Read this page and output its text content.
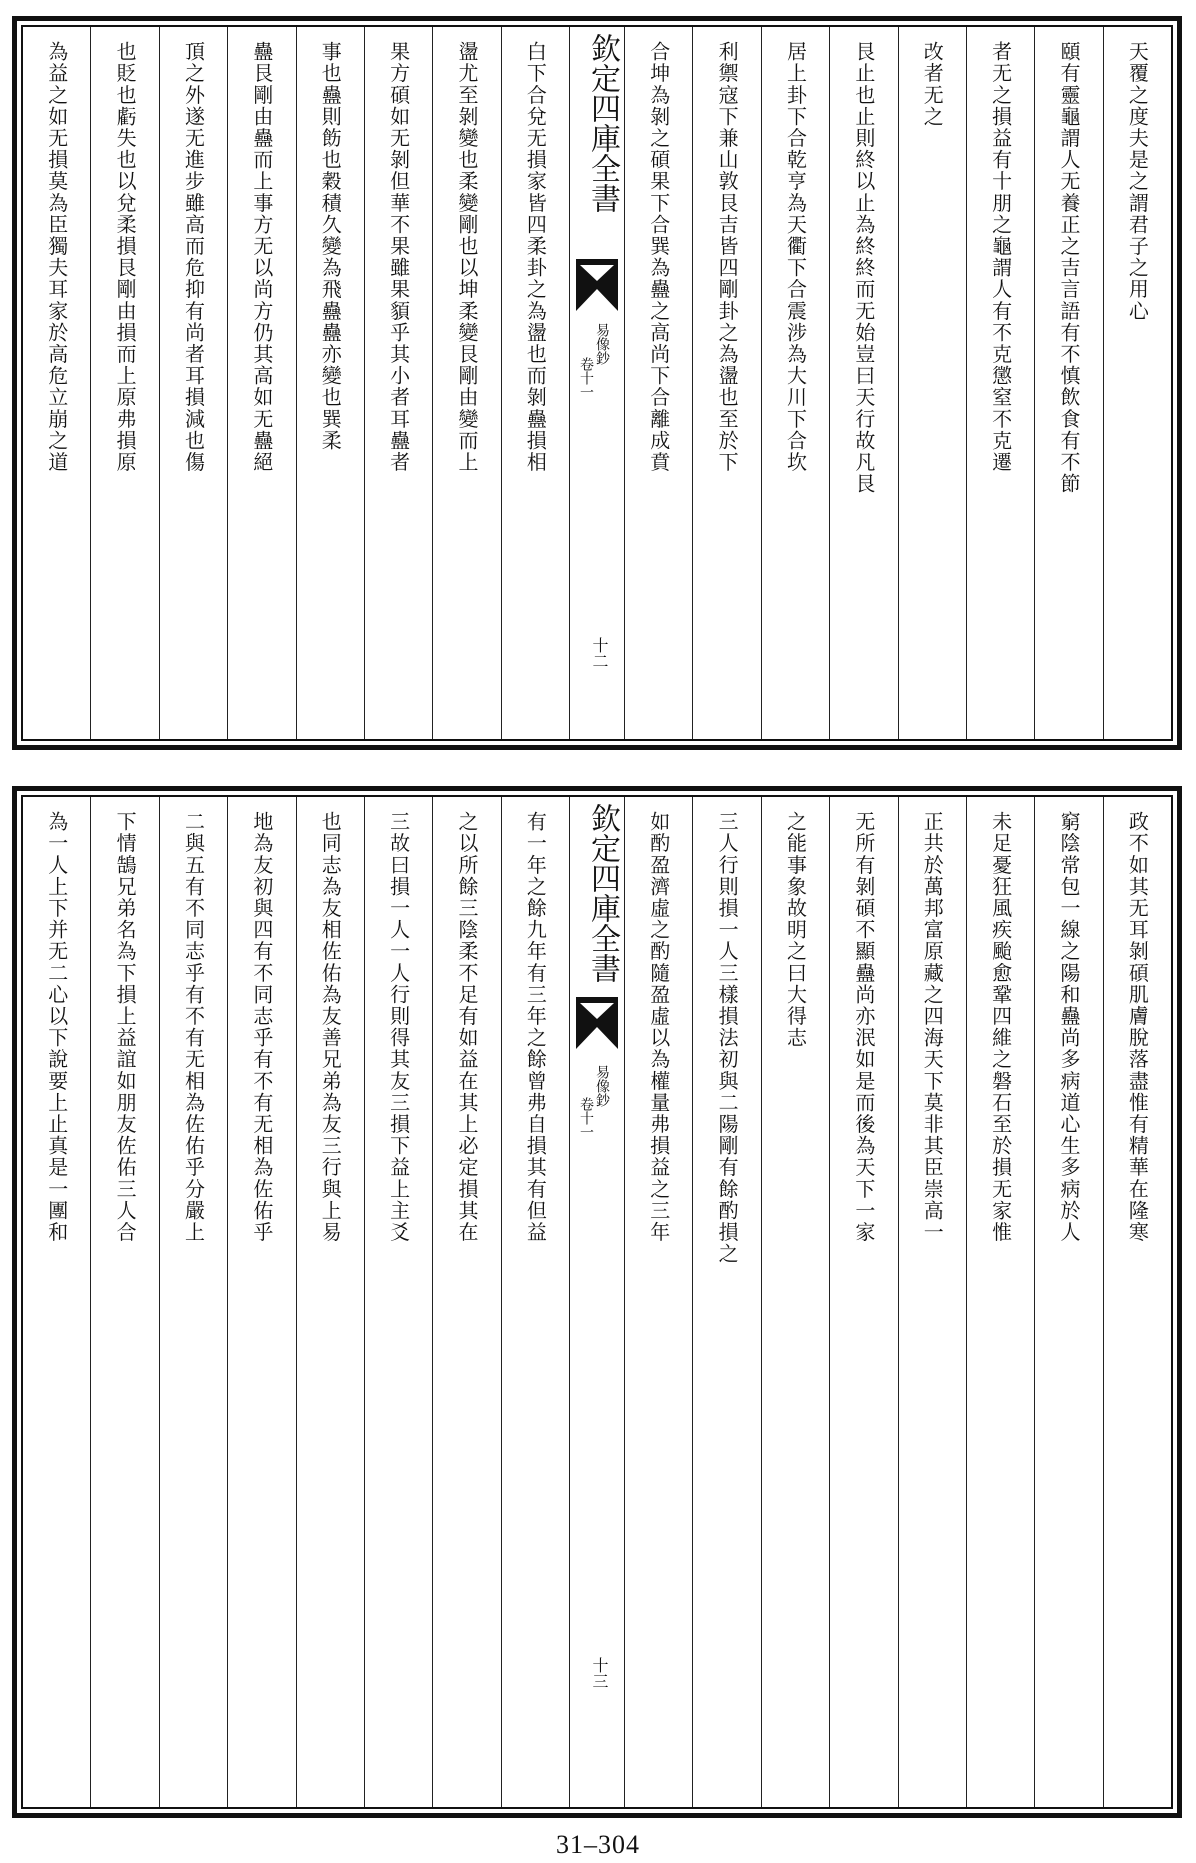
天覆之度夫是之謂君子之用心
頤有靈龜謂人无養正之吉言語有不慎飲食有不節
者无之損益有十朋之龜謂人有不克懲窒不克遷
改者无之
艮止也止則終以止為終終而无始豈曰天行故凡艮
居上卦下合乾亨為天衢下合震涉為大川下合坎
利禦寇下兼山敦艮吉皆四剛卦之為盪也至於下
合坤為剝之碩果下合巽為蠱之高尚下合離成賁
欽定四庫全書
易像鈔
卷十一
十二
白下合兌无損家皆四柔卦之為盪也而剝蠱損相
盪尤至剝變也柔變剛也以坤柔變艮剛由變而上
果方碩如无剝但華不果雖果䫉乎其小者耳蠱者
事也蠱則飭也穀積久變為飛蠱蠱亦變也巽柔
蠱艮剛由蠱而上事方无以尚方仍其高如无蠱絕
頂之外遂无進步雖高而危抑有尚者耳損減也傷
也貶也虧失也以兌柔損艮剛由損而上原弗損原
為益之如无損莫為臣獨夫耳家於高危立崩之道
政不如其无耳剝碩肌膚脫落盡惟有精華在隆寒
窮陰常包一線之陽和蠱尚多病道心生多病於人
未足憂狂風疾颱愈鞏四維之磐石至於損无家惟
正共於萬邦富原藏之四海天下莫非其臣崇高一
无所有剝碩不顯蠱尚亦泯如是而後為天下一家
之能事象故明之曰大得志
三人行則損一人三樣損法初與二陽剛有餘酌損之
如酌盈濟虛之酌隨盈虛以為權量弗損益之三年
欽定四庫全書
易像鈔
卷十一
十三
有一年之餘九年有三年之餘曾弗自損其有但益
之以所餘三陰柔不足有如益在其上必定損其在
三故曰損一人一人行則得其友三損下益上主爻
也同志為友相佐佑為友善兄弟為友三行與上易
地為友初與四有不同志乎有不有无相為佐佑乎
二與五有不同志乎有不有无相為佐佑乎分嚴上
下情鵠兄弟名為下損上益誼如朋友佐佑三人合
為一人上下并无二心以下說要上止真是一團和
31–304
